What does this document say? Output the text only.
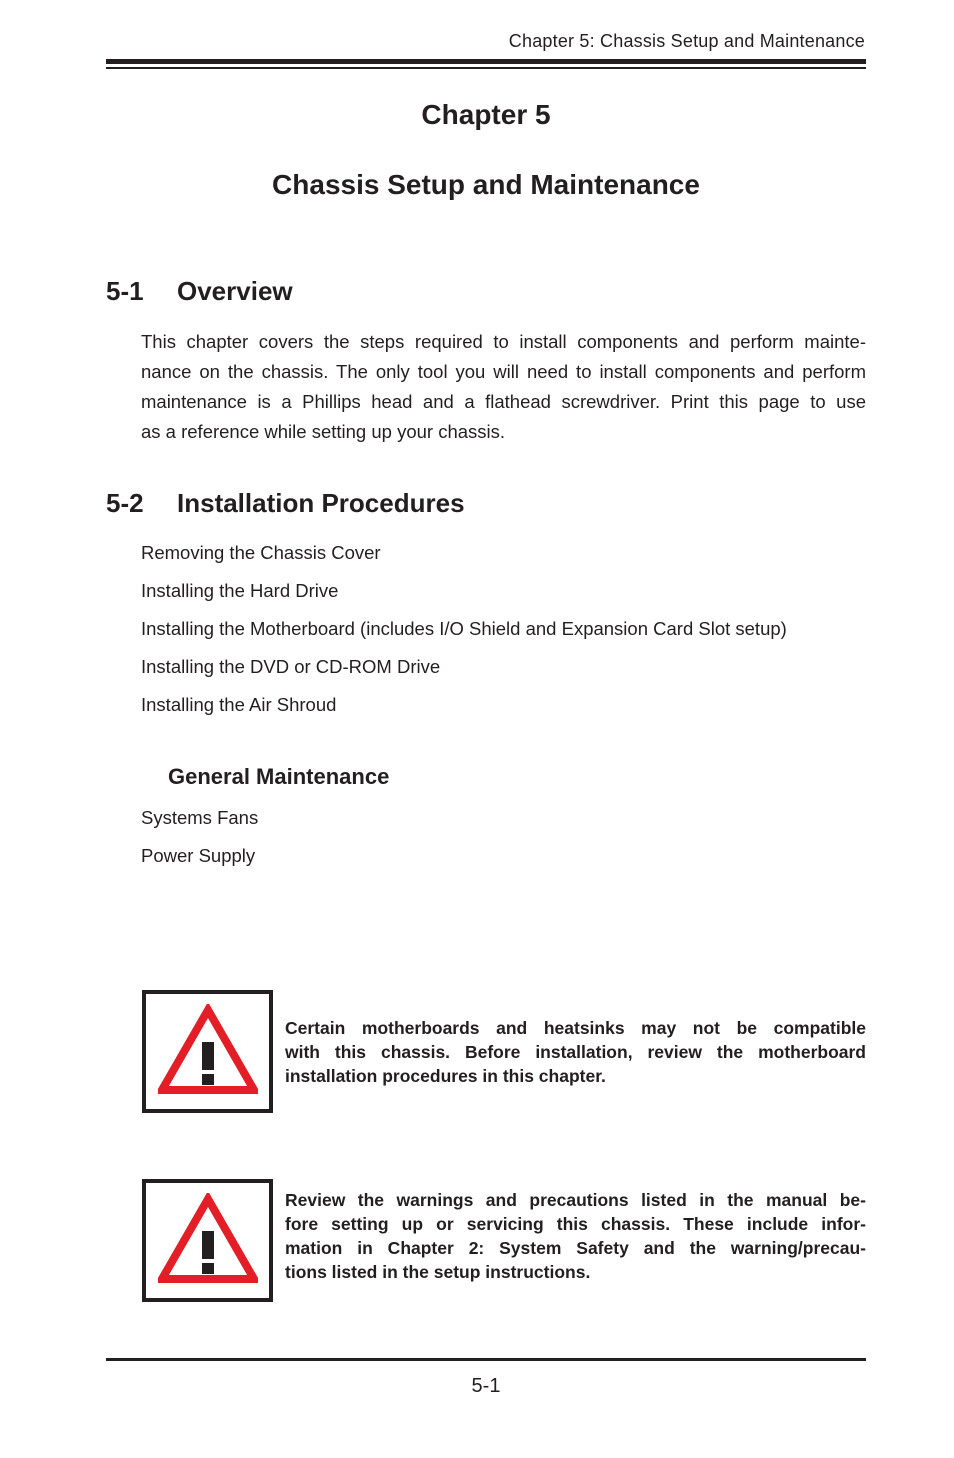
Chapter 5: Chassis Setup and Maintenance
Chapter 5
Chassis Setup and Maintenance
5-1 Overview
This chapter covers the steps required to install components and perform mainte-
nance on the chassis. The only tool you will need to install components and perform
maintenance is a Phillips head and a flathead screwdriver. Print this page to use
as a reference while setting up your chassis.
5-2 Installation Procedures
Removing the Chassis Cover
Installing the Hard Drive
Installing the Motherboard (includes I/O Shield and Expansion Card Slot setup)
Installing the DVD or CD-ROM Drive
Installing the Air Shroud
General Maintenance
Systems Fans
Power Supply
Certain motherboards and heatsinks may not be compatible
with this chassis. Before installation, review the motherboard
installation procedures in this chapter.
Review the warnings and precautions listed in the manual be-
fore setting up or servicing this chassis. These include infor-
mation in Chapter 2: System Safety and the warning/precau-
tions listed in the setup instructions.
5-1
